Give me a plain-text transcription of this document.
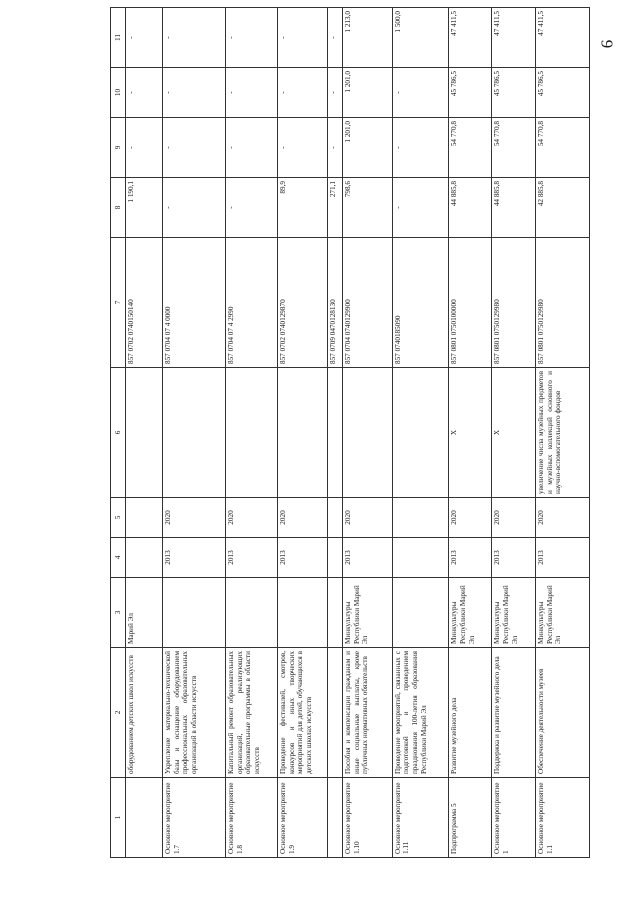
9
1	2	3	4	5	6	7	8	9	10	11
	оборудованием детских школ искусств	Марий Эл				857 0702 0740150140	1 190,1	-	-	-
Основное мероприятие 1.7	Укрепление материально-технической базы и оснащение оборудованием профессиональных образовательных организаций в области искусств		2013	2020		857 0704 07 4 0000	-	-	-	-
Основное мероприятие 1.8	Капитальный ремонт образовательных организаций, реализующих образовательные программы в области искусств		2013	2020		857 0704 07 4 2990	-	-	-	-
Основное мероприятие 1.9	Проведение фестивалей, смотров, конкурсов и иных творческих мероприятий для детей, обучающихся в детских школах искусств		2013	2020		857 0702 0740129870	89,9	-	-	-
						857 0709 0470128130	271,1	-	-	-
Основное мероприятие 1.10	Пособия и компенсации гражданам и иные социальные выплаты, кроме публичных нормативных обязательств	Минкультуры Республики Марий Эл	2013	2020		857 0704 0740129900	798,6	1 201,0	1 201,0	1 213,0
Основное мероприятие 1.11	Проведение мероприятий, связанных с подготовкой и проведением празднования 100-летия образования Республики Марий Эл					857 0740185090	-	-	-	1 500,0
Подпрограмма 5	Развитие музейного дела	Минкультуры Республики Марий Эл	2013	2020	X	857 0801 0750100000	44 885,8	54 770,8	45 786,5	47 411,5
Основное мероприятие 1	Поддержка и развитие музейного дела	Минкультуры Республики Марий Эл	2013	2020	X	857 0801 0750129980	44 885,8	54 770,8	45 786,5	47 411,5
Основное мероприятие 1.1	Обеспечение деятельности музеев	Минкультуры Республики Марий Эл	2013	2020	увеличение числа музейных предметов и музейных коллекций основного и научно-вспомогательного фондов	857 0801 0750129980	42 885,8	54 770,8	45 786,5	47 411,5
